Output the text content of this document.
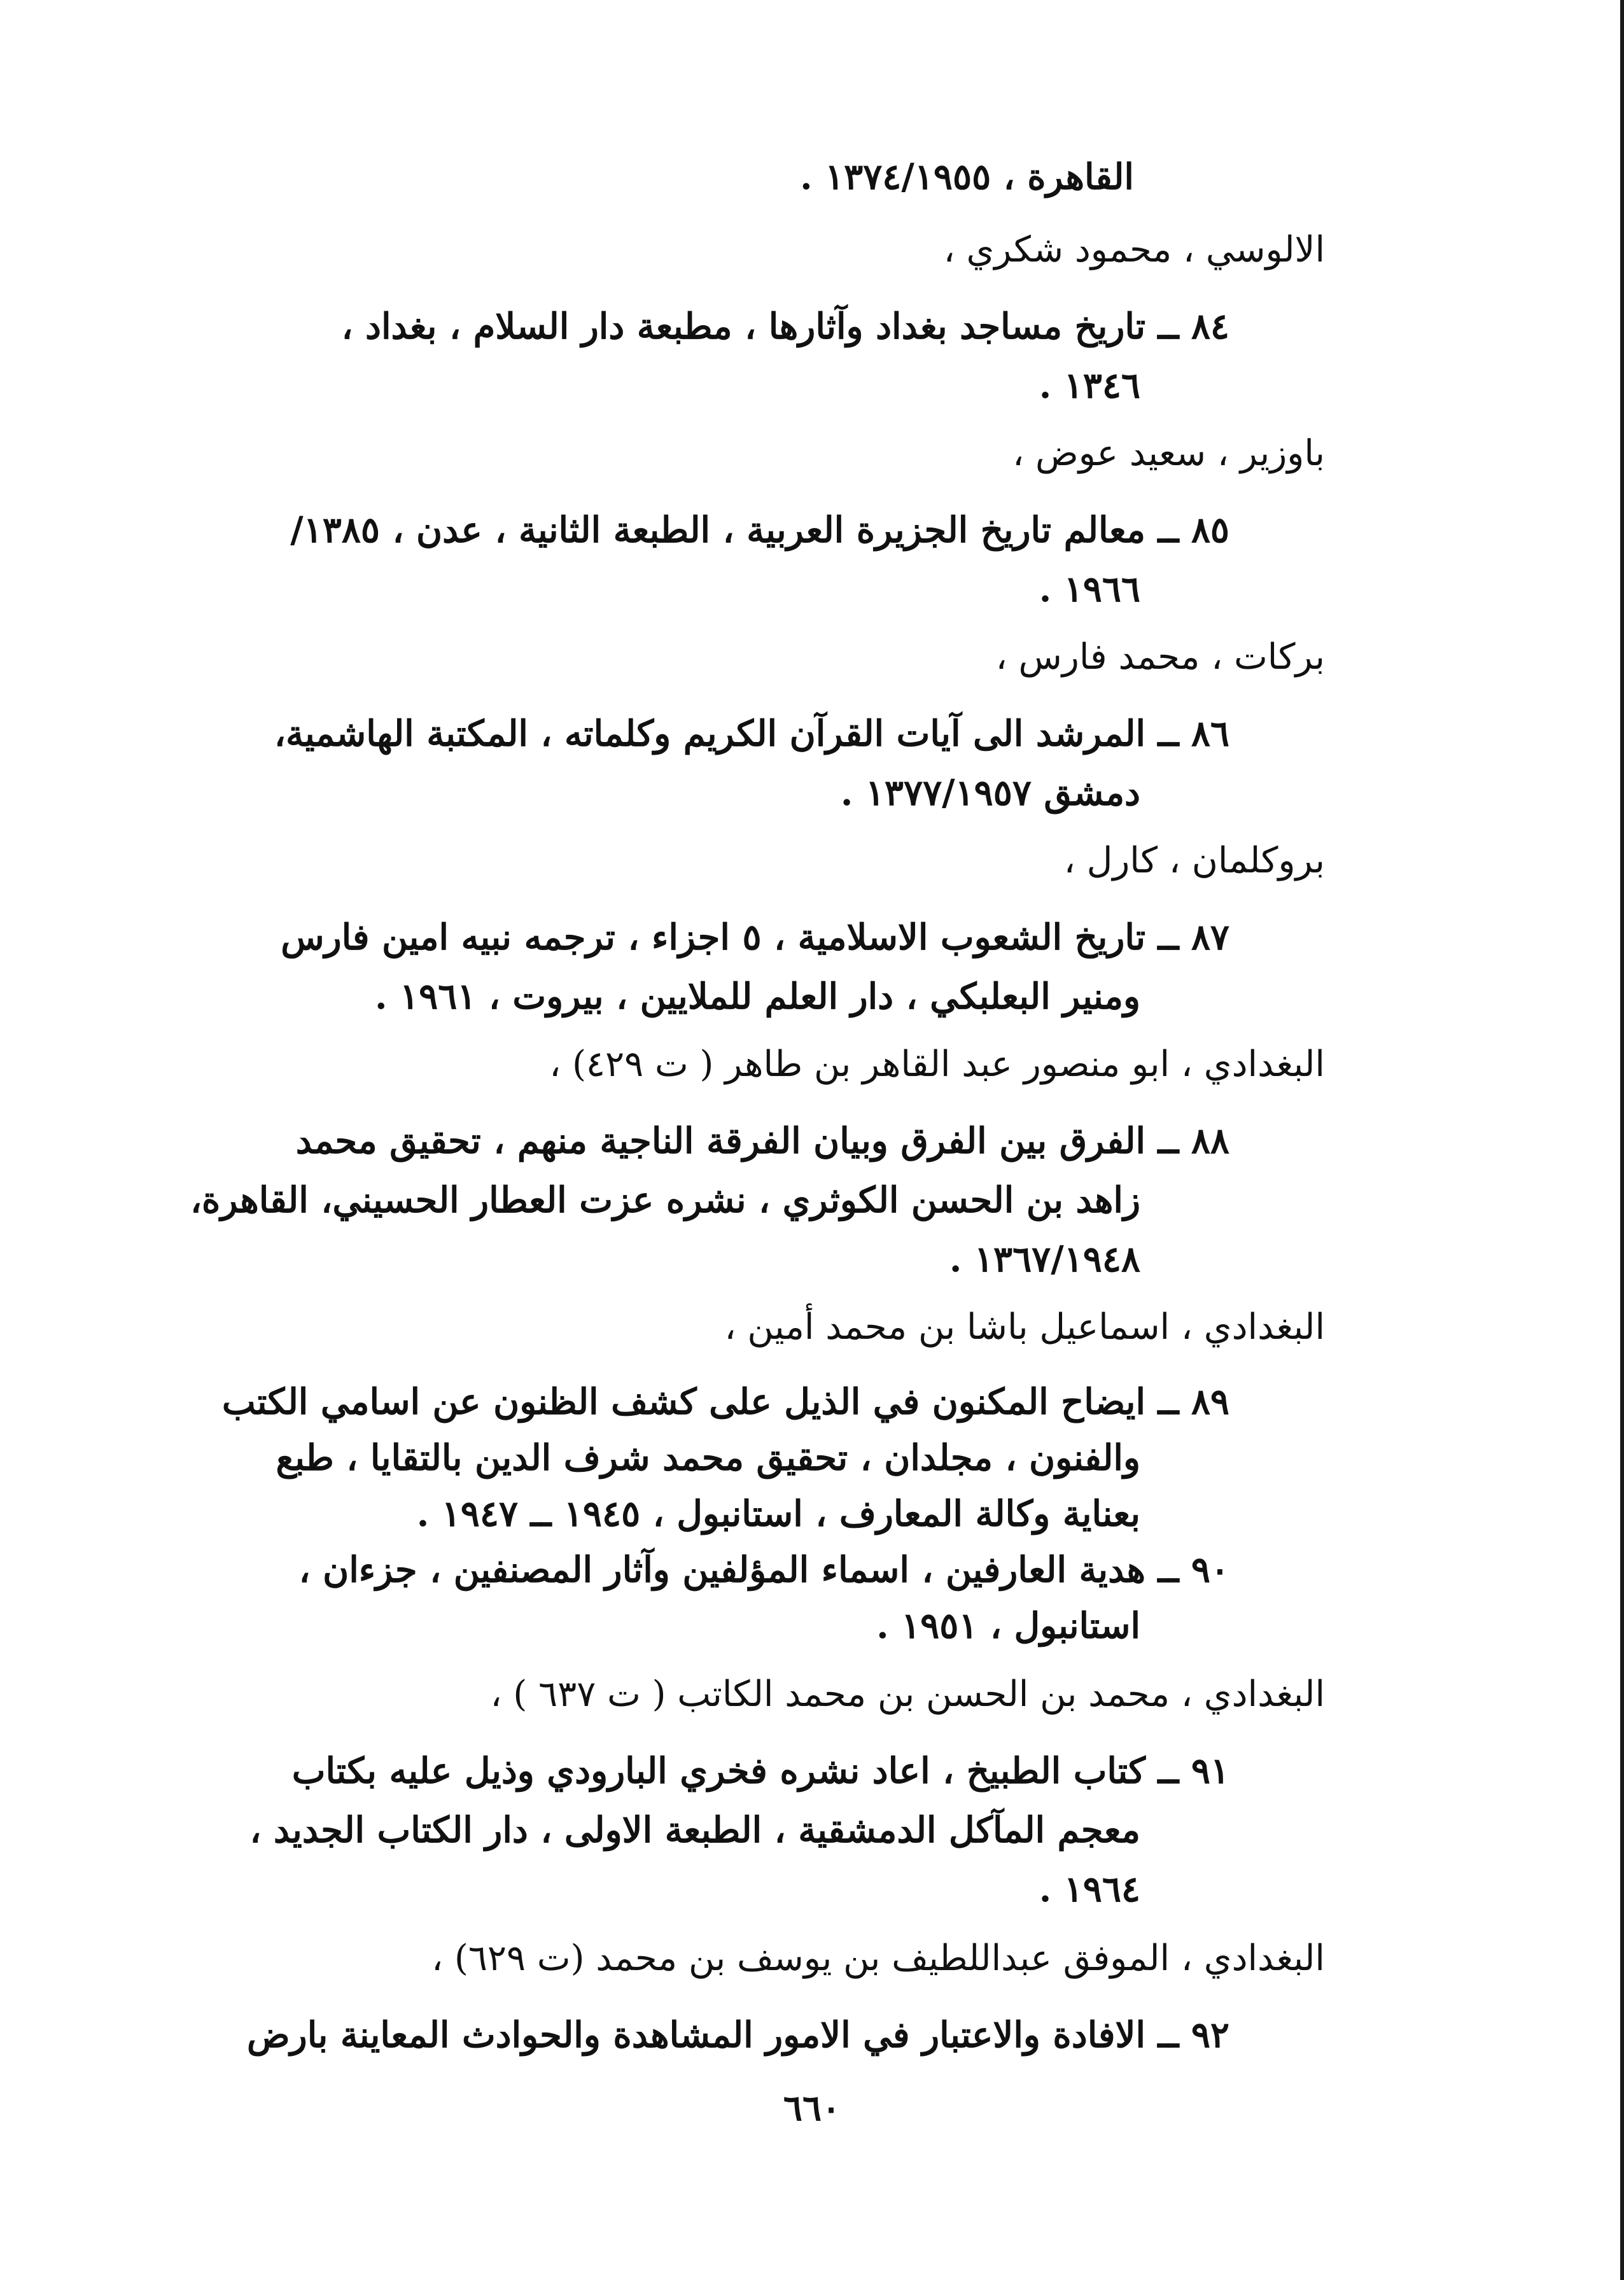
القاهرة ، ١٣٧٤/١٩٥٥ .
الالوسي ، محمود شكري ،
٨٤ ــ تاريخ مساجد بغداد وآثارها ، مطبعة دار السلام ، بغداد ،
١٣٤٦ .
باوزير ، سعيد عوض ،
٨٥ ــ معالم تاريخ الجزيرة العربية ، الطبعة الثانية ، عدن ، ١٣٨٥/
١٩٦٦ .
بركات ، محمد فارس ،
٨٦ ــ المرشد الى آيات القرآن الكريم وكلماته ، المكتبة الهاشمية،
دمشق ١٣٧٧/١٩٥٧ .
بروكلمان ، كارل ،
٨٧ ــ تاريخ الشعوب الاسلامية ، ٥ اجزاء ، ترجمه نبيه امين فارس
ومنير البعلبكي ، دار العلم للملايين ، بيروت ، ١٩٦١ .
البغدادي ، ابو منصور عبد القاهر بن طاهر ( ت ٤٢٩) ،
٨٨ ــ الفرق بين الفرق وبيان الفرقة الناجية منهم ، تحقيق محمد
زاهد بن الحسن الكوثري ، نشره عزت العطار الحسيني، القاهرة،
١٣٦٧/١٩٤٨ .
البغدادي ، اسماعيل باشا بن محمد أمين ،
٨٩ ــ ايضاح المكنون في الذيل على كشف الظنون عن اسامي الكتب
والفنون ، مجلدان ، تحقيق محمد شرف الدين بالتقايا ، طبع
بعناية وكالة المعارف ، استانبول ، ١٩٤٥ ــ ١٩٤٧ .
٩٠ ــ هدية العارفين ، اسماء المؤلفين وآثار المصنفين ، جزءان ،
استانبول ، ١٩٥١ .
البغدادي ، محمد بن الحسن بن محمد الكاتب ( ت ٦٣٧ ) ،
٩١ ــ كتاب الطبيخ ، اعاد نشره فخري البارودي وذيل عليه بكتاب
معجم المآكل الدمشقية ، الطبعة الاولى ، دار الكتاب الجديد ،
١٩٦٤ .
البغدادي ، الموفق عبداللطيف بن يوسف بن محمد (ت ٦٢٩) ،
٩٢ ــ الافادة والاعتبار في الامور المشاهدة والحوادث المعاينة بارض
٦٦٠
